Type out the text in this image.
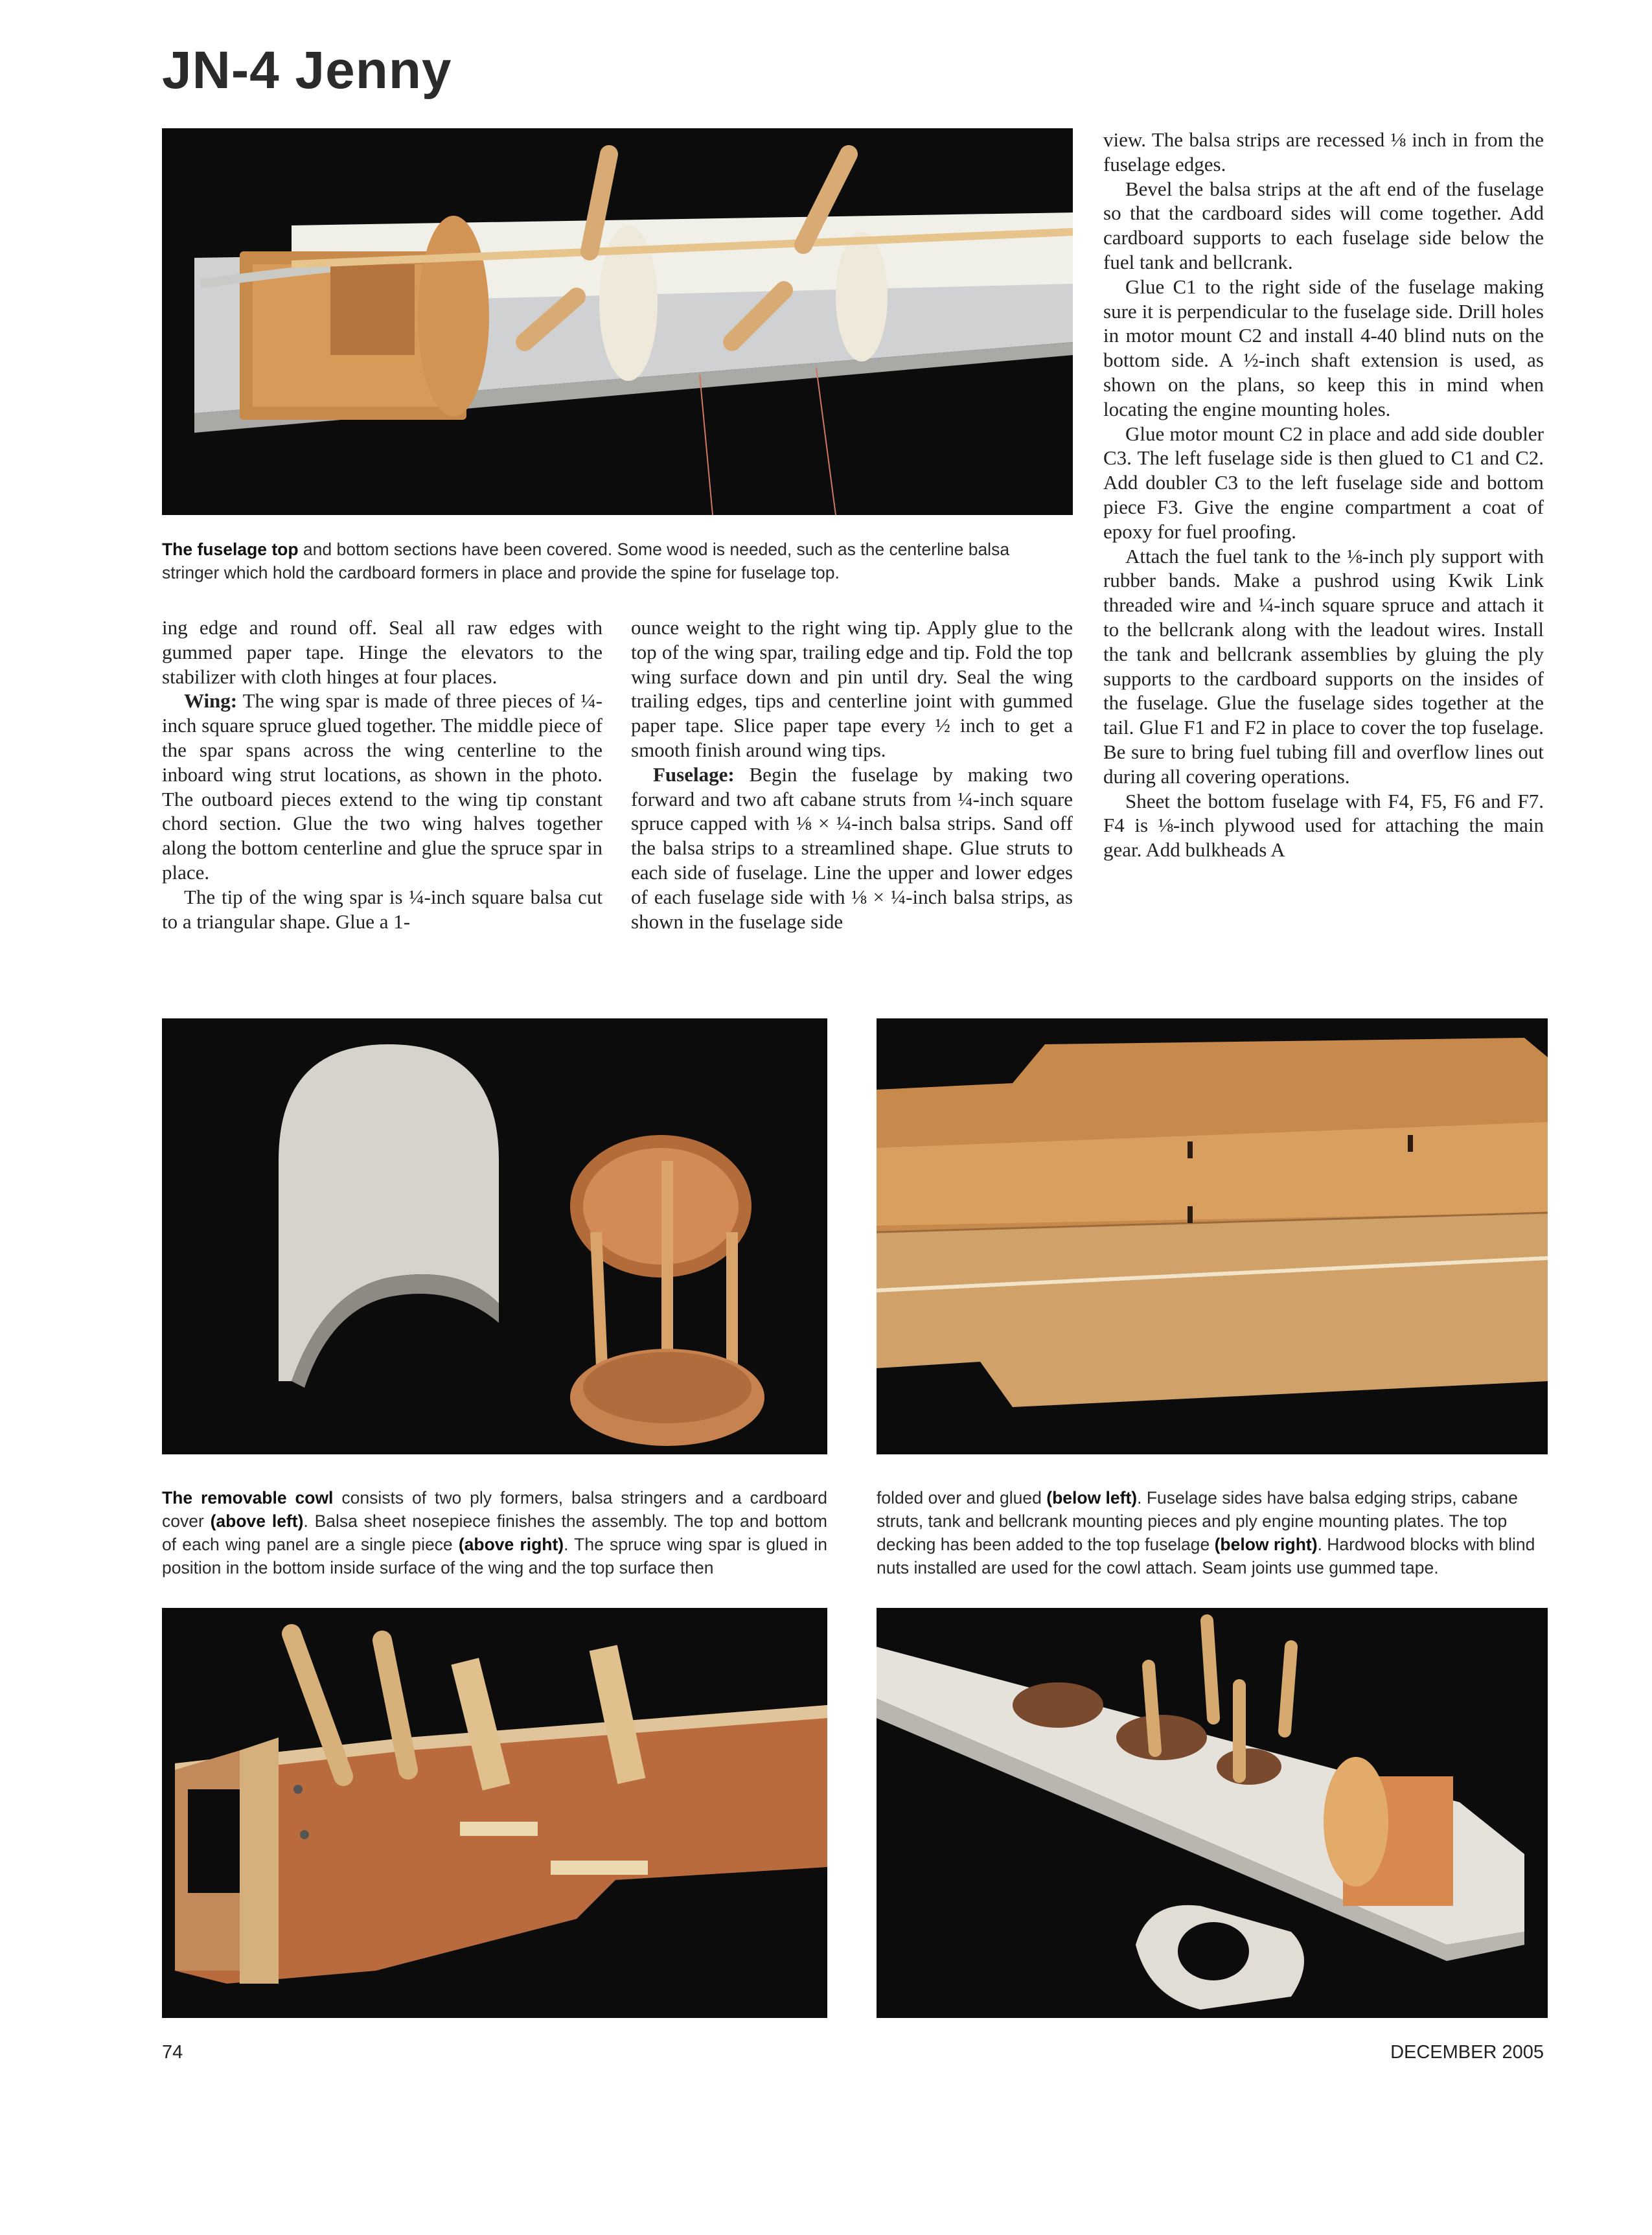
JN-4 Jenny
The fuselage top and bottom sections have been covered. Some wood is needed, such as the centerline balsa stringer which hold the cardboard formers in place and provide the spine for fuselage top.

ing edge and round off. Seal all raw edges with gummed paper tape. Hinge the elevators to the stabilizer with cloth hinges at four places.

Wing: The wing spar is made of three pieces of ¼-inch square spruce glued together. The middle piece of the spar spans across the wing centerline to the inboard wing strut locations, as shown in the photo. The outboard pieces extend to the wing tip constant chord section. Glue the two wing halves together along the bottom centerline and glue the spruce spar in place.

The tip of the wing spar is ¼-inch square balsa cut to a triangular shape. Glue a 1-

ounce weight to the right wing tip. Apply glue to the top of the wing spar, trailing edge and tip. Fold the top wing surface down and pin until dry. Seal the wing trailing edges, tips and centerline joint with gummed paper tape. Slice paper tape every ½ inch to get a smooth finish around wing tips.

Fuselage: Begin the fuselage by making two forward and two aft cabane struts from ¼-inch square spruce capped with ⅛ × ¼-inch balsa strips. Sand off the balsa strips to a streamlined shape. Glue struts to each side of fuselage. Line the upper and lower edges of each fuselage side with ⅛ × ¼-inch balsa strips, as shown in the fuselage side

view. The balsa strips are recessed ⅛ inch in from the fuselage edges.

Bevel the balsa strips at the aft end of the fuselage so that the cardboard sides will come together. Add cardboard supports to each fuselage side below the fuel tank and bellcrank.

Glue C1 to the right side of the fuselage making sure it is perpendicular to the fuselage side. Drill holes in motor mount C2 and install 4-40 blind nuts on the bottom side. A ½-inch shaft extension is used, as shown on the plans, so keep this in mind when locating the engine mounting holes.

Glue motor mount C2 in place and add side doubler C3. The left fuselage side is then glued to C1 and C2. Add doubler C3 to the left fuselage side and bottom piece F3. Give the engine compartment a coat of epoxy for fuel proofing.

Attach the fuel tank to the ⅛-inch ply support with rubber bands. Make a pushrod using Kwik Link threaded wire and ¼-inch square spruce and attach it to the bellcrank along with the leadout wires. Install the tank and bellcrank assemblies by gluing the ply supports to the cardboard supports on the insides of the fuselage. Glue the fuselage sides together at the tail. Glue F1 and F2 in place to cover the top fuselage. Be sure to bring fuel tubing fill and overflow lines out during all covering operations.

Sheet the bottom fuselage with F4, F5, F6 and F7. F4 is ⅛-inch plywood used for attaching the main gear. Add bulkheads A

The removable cowl consists of two ply formers, balsa stringers and a cardboard cover (above left). Balsa sheet nosepiece finishes the assembly. The top and bottom of each wing panel are a single piece (above right). The spruce wing spar is glued in position in the bottom inside surface of the wing and the top surface then
folded over and glued (below left). Fuselage sides have balsa edging strips, cabane struts, tank and bellcrank mounting pieces and ply engine mounting plates. The top decking has been added to the top fuselage (below right). Hardwood blocks with blind nuts installed are used for the cowl attach. Seam joints use gummed tape.
74	DECEMBER 2005
